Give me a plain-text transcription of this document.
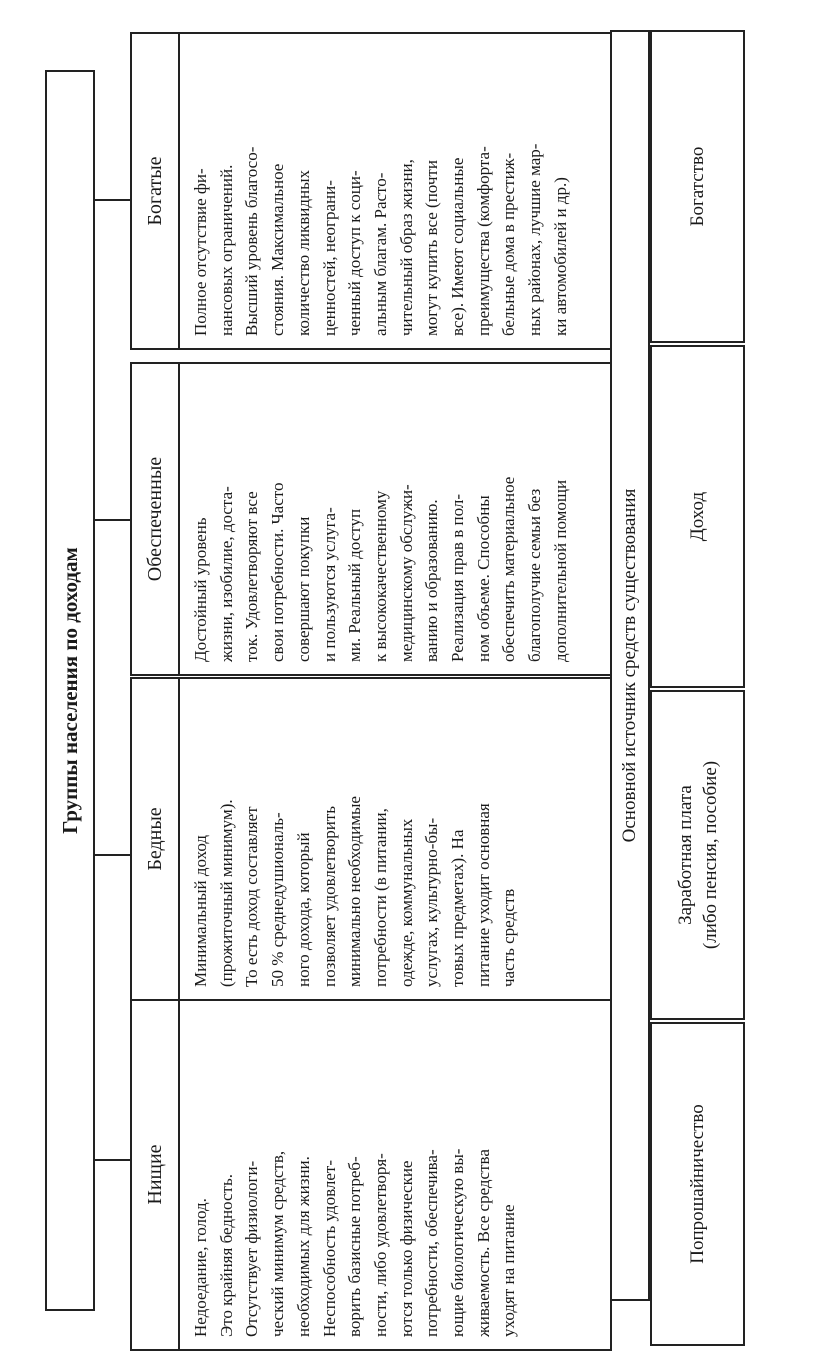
Группы населения по доходам
Нищие
Недоедание, голод. Это крайняя бедность. Отсутствует физиологи- ческий минимум средств, необходимых для жизни. Неспособность удовлет- ворить базисные потреб- ности, либо удовлетворя- ются только физические потребности, обеспечива- ющие биологическую вы- живаемость. Все средства уходят на питание
Бедные	Минимальный доход (прожиточный минимум). То есть доход составляет 50 % среднедушиональ- ного дохода, который позволяет удовлетворить минимально необходимые потребности (в питании, одежде, коммунальных услугах, культурно-бы- товых предметах). На питание уходит основная часть средств
Обеспеченные	Достойный уровень жизни, изобилие, доста- ток. Удовлетворяют все свои потребности. Часто совершают покупки и пользуются услуга- ми. Реальный доступ к высококачественному медицинскому обслужи- ванию и образованию. Реализация прав в пол- ном объеме. Способны обеспечить материальное благополучие семьи без дополнительной помощи
Богатые	Полное отсутствие фи- нансовых ограничений. Высший уровень благосо- стояния. Максимальное количество ликвидных ценностей, неограни- ченный доступ к соци- альным благам. Расто- чительный образ жизни, могут купить все (почти все). Имеют социальные преимущества (комфорта- бельные дома в престиж- ных районах, лучшие мар- ки автомобилей и др.)
Основной источник средств существования
Попрошайничество
Заработная плата (либо пенсия, пособие)
Доход
Богатство
